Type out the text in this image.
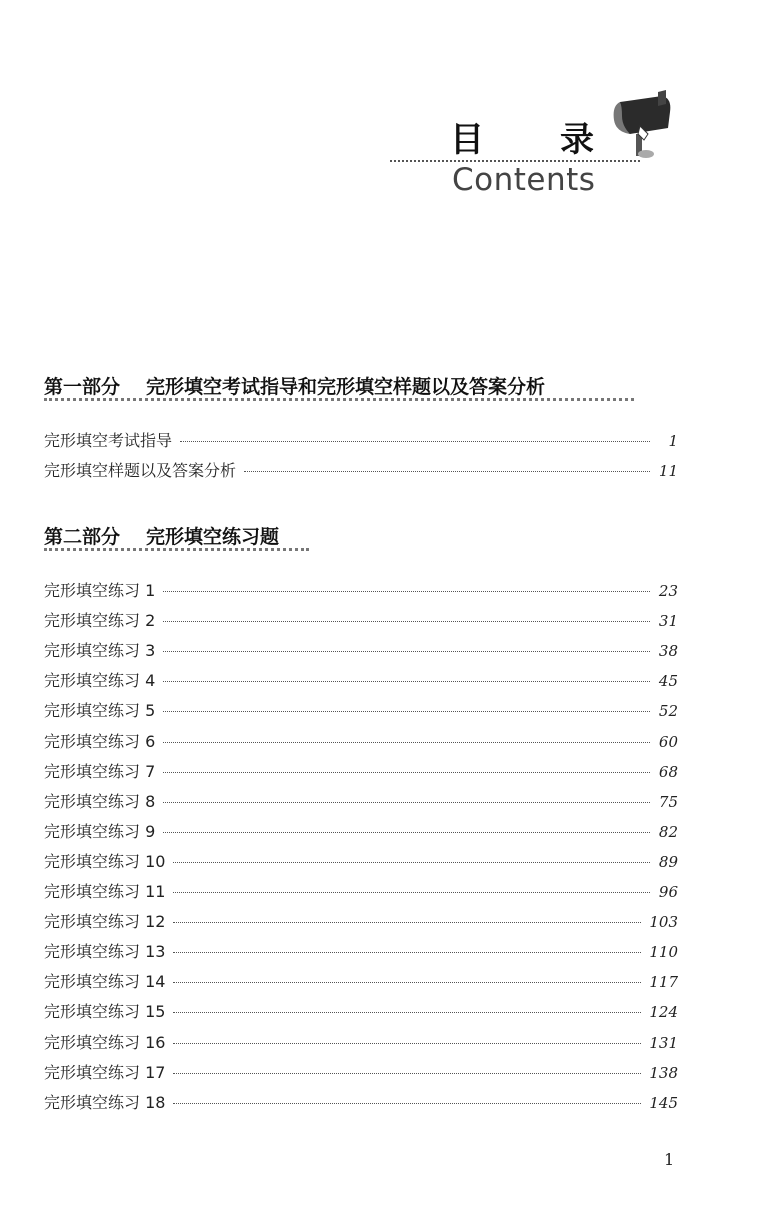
目 录
Contents
第一部分 完形填空考试指导和完形填空样题以及答案分析
完形填空考试指导	1
完形填空样题以及答案分析	11
第二部分 完形填空练习题
完形填空练习 1	23
完形填空练习 2	31
完形填空练习 3	38
完形填空练习 4	45
完形填空练习 5	52
完形填空练习 6	60
完形填空练习 7	68
完形填空练习 8	75
完形填空练习 9	82
完形填空练习 10	89
完形填空练习 11	96
完形填空练习 12	103
完形填空练习 13	110
完形填空练习 14	117
完形填空练习 15	124
完形填空练习 16	131
完形填空练习 17	138
完形填空练习 18	145
1
